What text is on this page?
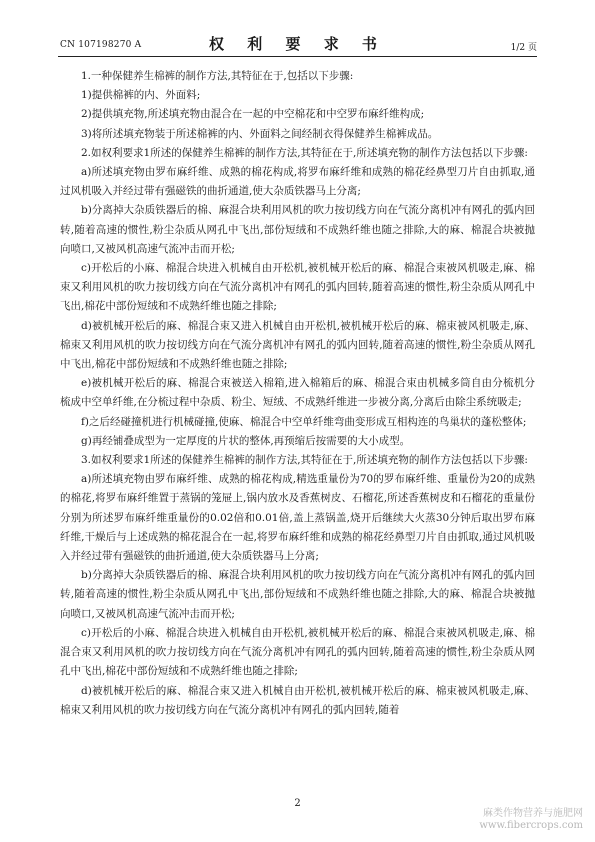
CN 107198270 A	权 利 要 求 书	1/2 页

1.一种保健养生棉裤的制作方法,其特征在于,包括以下步骤:

1)提供棉裤的内、外面料;

2)提供填充物,所述填充物由混合在一起的中空棉花和中空罗布麻纤维构成;

3)将所述填充物装于所述棉裤的内、外面料之间经制衣得保健养生棉裤成品。

2.如权利要求1所述的保健养生棉裤的制作方法,其特征在于,所述填充物的制作方法包括以下步骤:

a)所述填充物由罗布麻纤维、成熟的棉花构成,将罗布麻纤维和成熟的棉花经鼻型刀片自由抓取,通过风机吸入并经过带有强磁铁的曲折通道,使大杂质铁器马上分离;

b)分离掉大杂质铁器后的棉、麻混合块利用风机的吹力按切线方向在气流分离机冲有网孔的弧内回转,随着高速的惯性,粉尘杂质从网孔中飞出,部份短绒和不成熟纤维也随之排除,大的麻、棉混合块被抛向喷口,又被风机高速气流冲击而开松;

c)开松后的小麻、棉混合块进入机械自由开松机,被机械开松后的麻、棉混合束被风机吸走,麻、棉束又利用风机的吹力按切线方向在气流分离机冲有网孔的弧内回转,随着高速的惯性,粉尘杂质从网孔中飞出,棉花中部份短绒和不成熟纤维也随之排除;

d)被机械开松后的麻、棉混合束又进入机械自由开松机,被机械开松后的麻、棉束被风机吸走,麻、棉束又利用风机的吹力按切线方向在气流分离机冲有网孔的弧内回转,随着高速的惯性,粉尘杂质从网孔中飞出,棉花中部份短绒和不成熟纤维也随之排除;

e)被机械开松后的麻、棉混合束被送入棉箱,进入棉箱后的麻、棉混合束由机械多筒自由分梳机分梳成中空单纤维,在分梳过程中杂质、粉尘、短绒、不成熟纤维进一步被分离,分离后由除尘系统吸走;

f)之后经碰撞机进行机械碰撞,使麻、棉混合中空单纤维弯曲变形成互相构连的鸟巢状的蓬松整体;

g)再经铺叠成型为一定厚度的片状的整体,再预缩后按需要的大小成型。

3.如权利要求1所述的保健养生棉裤的制作方法,其特征在于,所述填充物的制作方法包括以下步骤:

a)所述填充物由罗布麻纤维、成熟的棉花构成,精选重量份为70的罗布麻纤维、重量份为20的成熟的棉花,将罗布麻纤维置于蒸锅的笼屉上,锅内放水及香蕉树皮、石榴花,所述香蕉树皮和石榴花的重量份分别为所述罗布麻纤维重量份的0.02倍和0.01倍,盖上蒸锅盖,烧开后继续大火蒸30分钟后取出罗布麻纤维,干燥后与上述成熟的棉花混合在一起,将罗布麻纤维和成熟的棉花经鼻型刀片自由抓取,通过风机吸入并经过带有强磁铁的曲折通道,使大杂质铁器马上分离;

b)分离掉大杂质铁器后的棉、麻混合块利用风机的吹力按切线方向在气流分离机冲有网孔的弧内回转,随着高速的惯性,粉尘杂质从网孔中飞出,部份短绒和不成熟纤维也随之排除,大的麻、棉混合块被抛向喷口,又被风机高速气流冲击而开松;

c)开松后的小麻、棉混合块进入机械自由开松机,被机械开松后的麻、棉混合束被风机吸走,麻、棉混合束又利用风机的吹力按切线方向在气流分离机冲有网孔的弧内回转,随着高速的惯性,粉尘杂质从网孔中飞出,棉花中部份短绒和不成熟纤维也随之排除;

d)被机械开松后的麻、棉混合束又进入机械自由开松机,被机械开松后的麻、棉束被风机吸走,麻、棉束又利用风机的吹力按切线方向在气流分离机冲有网孔的弧内回转,随着

2
麻类作物营养与施肥网
www.fibercrops.com
